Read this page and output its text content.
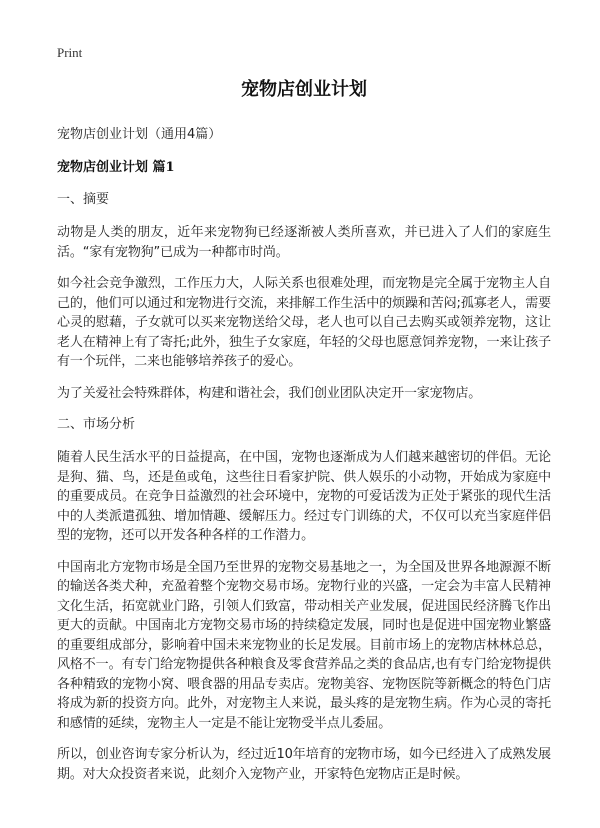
Print
宠物店创业计划
宠物店创业计划（通用4篇）
宠物店创业计划 篇1
一、摘要

动物是人类的朋友，近年来宠物狗已经逐渐被人类所喜欢，并已进入了人们的家庭生活。“家有宠物狗”已成为一种都市时尚。

如今社会竞争激烈，工作压力大，人际关系也很难处理，而宠物是完全属于宠物主人自己的，他们可以通过和宠物进行交流，来排解工作生活中的烦躁和苦闷;孤寡老人，需要心灵的慰藉，子女就可以买来宠物送给父母，老人也可以自己去购买或领养宠物，这让老人在精神上有了寄托;此外，独生子女家庭，年轻的父母也愿意饲养宠物，一来让孩子有一个玩伴，二来也能够培养孩子的爱心。

为了关爱社会特殊群体，构建和谐社会，我们创业团队决定开一家宠物店。

二、市场分析

随着人民生活水平的日益提高，在中国，宠物也逐渐成为人们越来越密切的伴侣。无论是狗、猫、鸟，还是鱼或龟，这些往日看家护院、供人娱乐的小动物，开始成为家庭中的重要成员。在竞争日益激烈的社会环境中，宠物的可爱话泼为正处于紧张的现代生活中的人类派遣孤独、增加情趣、缓解压力。经过专门训练的犬，不仅可以充当家庭伴侣型的宠物，还可以开发各种各样的工作潜力。

中国南北方宠物市场是全国乃至世界的宠物交易基地之一，为全国及世界各地源源不断的输送各类犬种，充盈着整个宠物交易市场。宠物行业的兴盛，一定会为丰富人民精神文化生活，拓宽就业门路，引领人们致富，带动相关产业发展，促进国民经济腾飞作出更大的贡献。中国南北方宠物交易市场的持续稳定发展，同时也是促进中国宠物业繁盛的重要组成部分，影响着中国未来宠物业的长足发展。目前市场上的宠物店林林总总，风格不一。有专门给宠物提供各种粮食及零食营养品之类的食品店,也有专门给宠物提供各种精致的宠物小窝、喂食器的用品专卖店。宠物美容、宠物医院等新概念的特色门店将成为新的投资方向。此外，对宠物主人来说，最头疼的是宠物生病。作为心灵的寄托和感情的延续，宠物主人一定是不能让宠物受半点儿委屈。

所以，创业咨询专家分析认为，经过近10年培育的宠物市场，如今已经进入了成熟发展期。对大众投资者来说，此刻介入宠物产业，开家特色宠物店正是时候。
